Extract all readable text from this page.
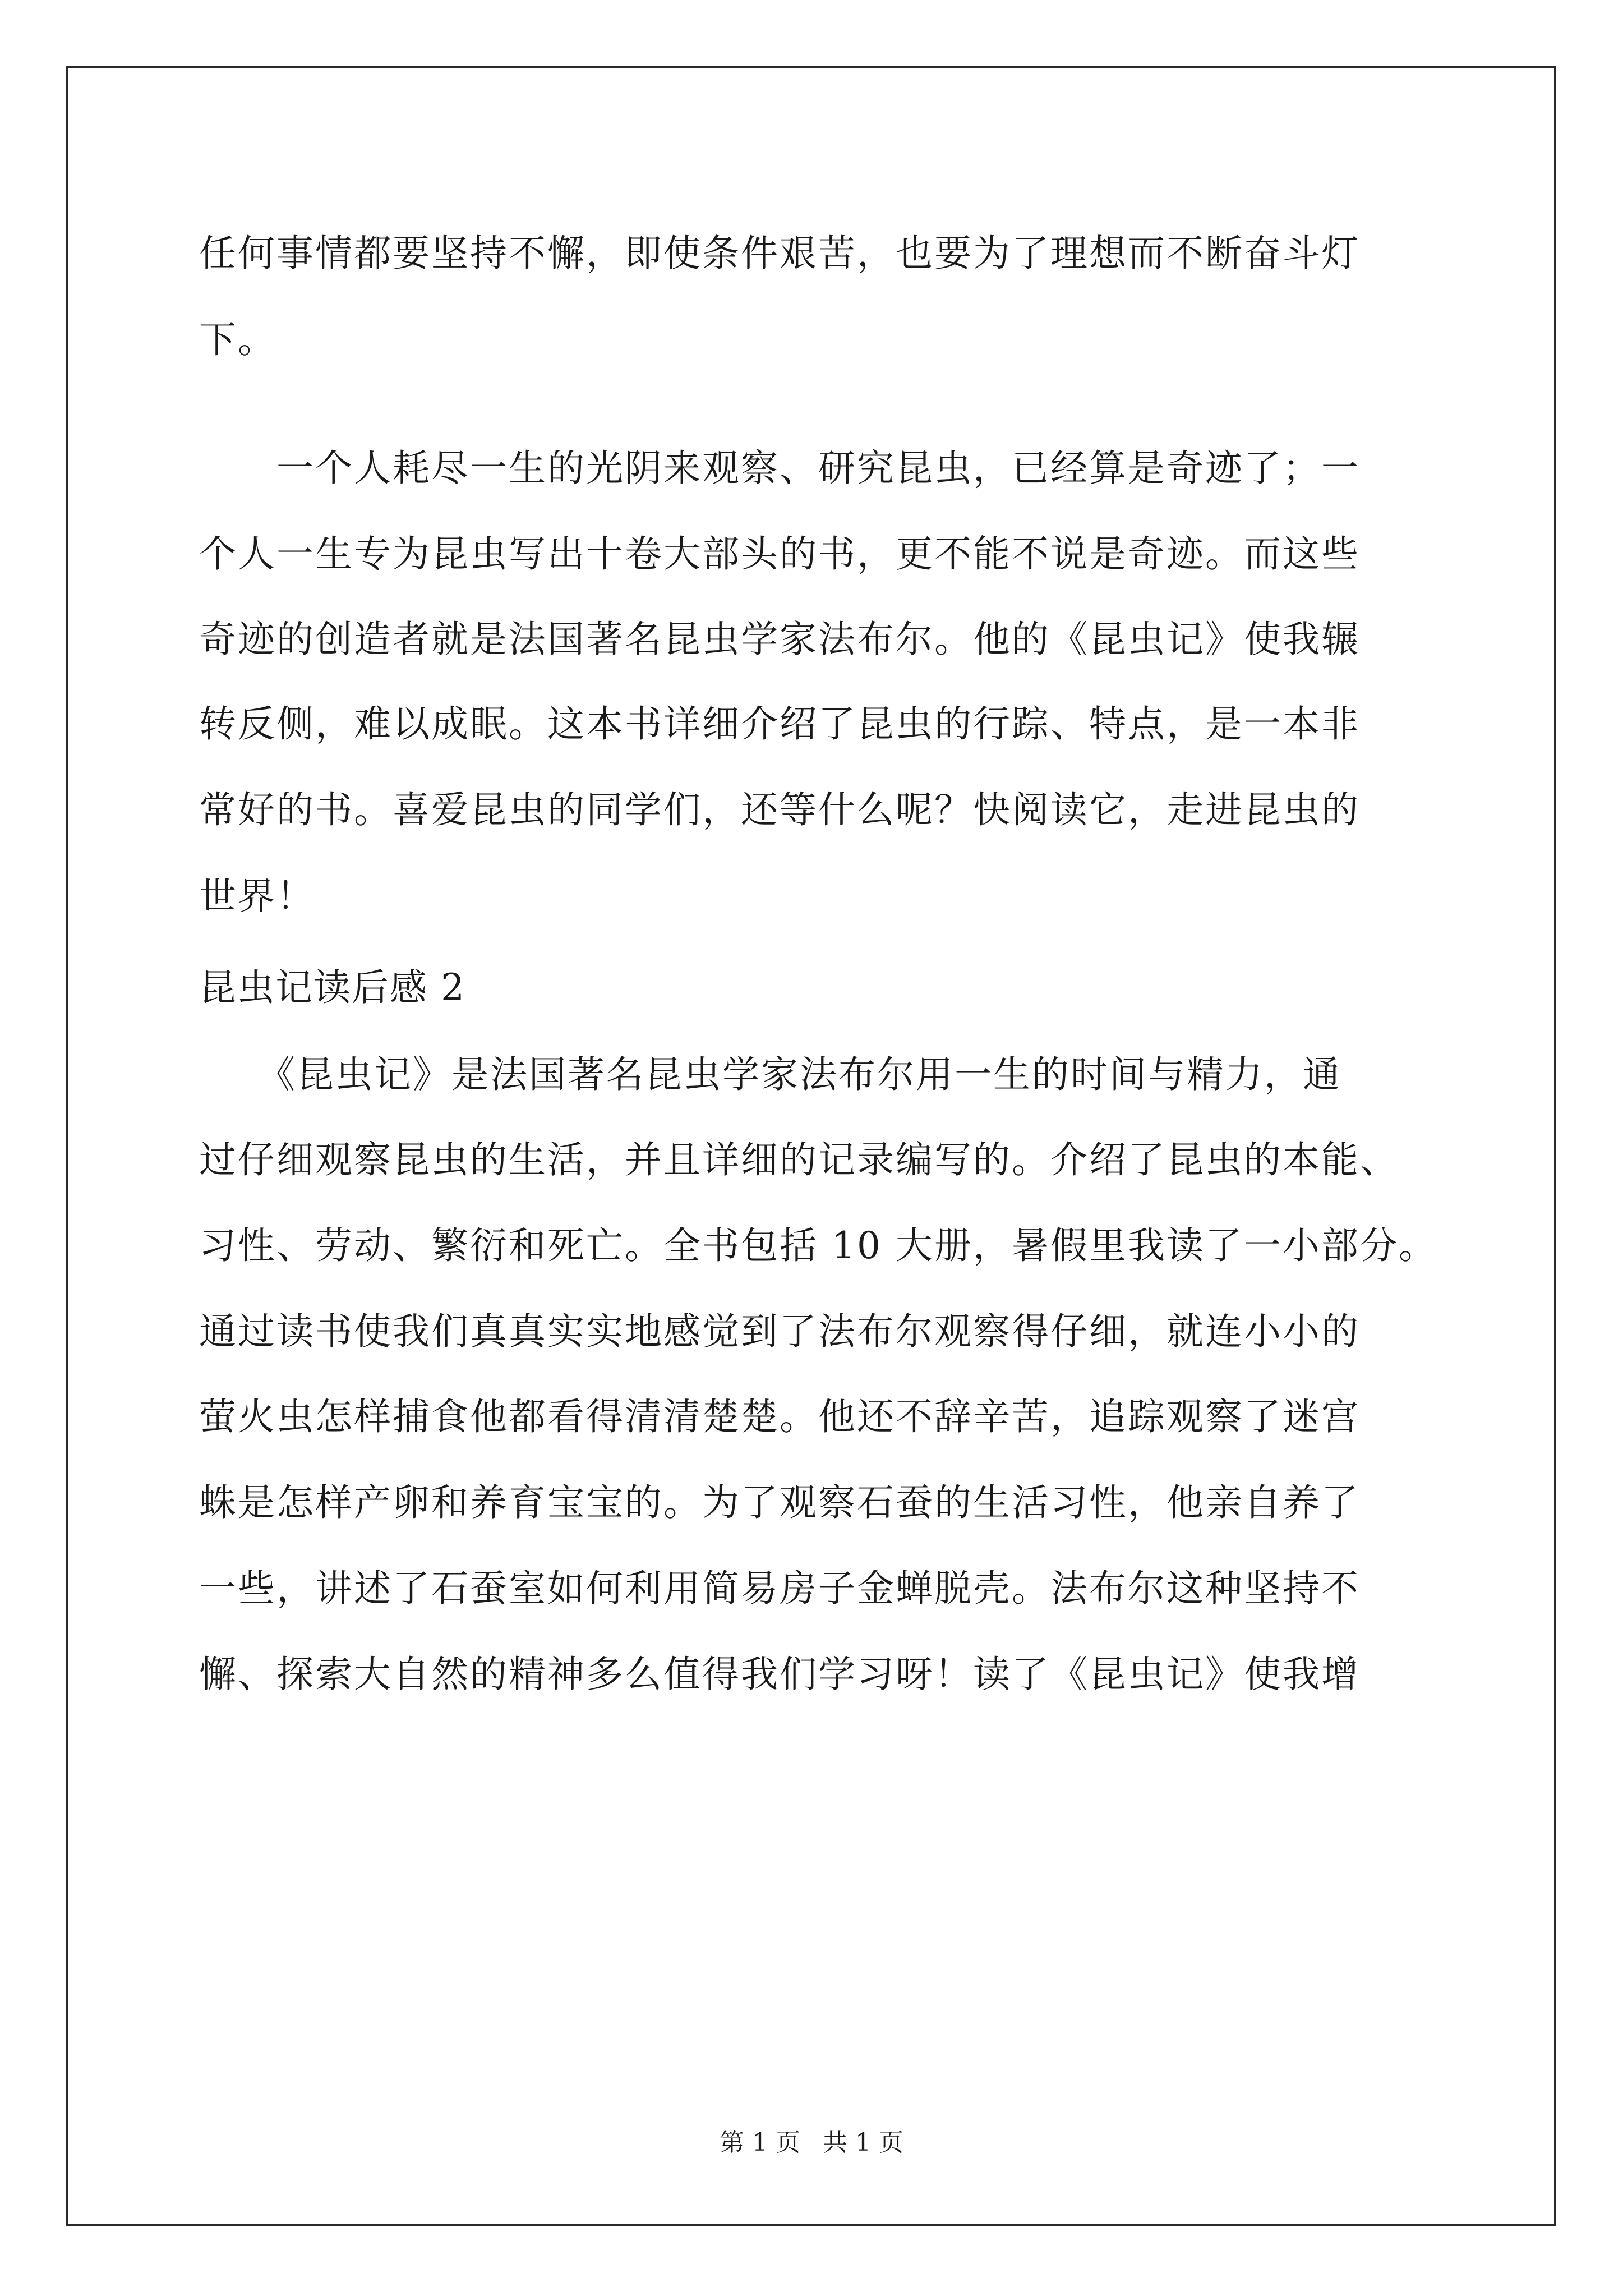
任何事情都要坚持不懈，即使条件艰苦，也要为了理想而不断奋斗灯
下。
　　一个人耗尽一生的光阴来观察、研究昆虫，已经算是奇迹了；一
个人一生专为昆虫写出十卷大部头的书，更不能不说是奇迹。而这些
奇迹的创造者就是法国著名昆虫学家法布尔。他的《昆虫记》使我辗
转反侧，难以成眠。这本书详细介绍了昆虫的行踪、特点，是一本非
常好的书。喜爱昆虫的同学们，还等什么呢？快阅读它，走进昆虫的
世界！
昆虫记读后感 2
　　《昆虫记》是法国著名昆虫学家法布尔用一生的时间与精力，通
过仔细观察昆虫的生活，并且详细的记录编写的。介绍了昆虫的本能、
习性、劳动、繁衍和死亡。全书包括 10 大册，暑假里我读了一小部分。
通过读书使我们真真实实地感觉到了法布尔观察得仔细，就连小小的
萤火虫怎样捕食他都看得清清楚楚。他还不辞辛苦，追踪观察了迷宫
蛛是怎样产卵和养育宝宝的。为了观察石蚕的生活习性，他亲自养了
一些，讲述了石蚕室如何利用简易房子金蝉脱壳。法布尔这种坚持不
懈、探索大自然的精神多么值得我们学习呀！读了《昆虫记》使我增
第 1 页 共 1 页
